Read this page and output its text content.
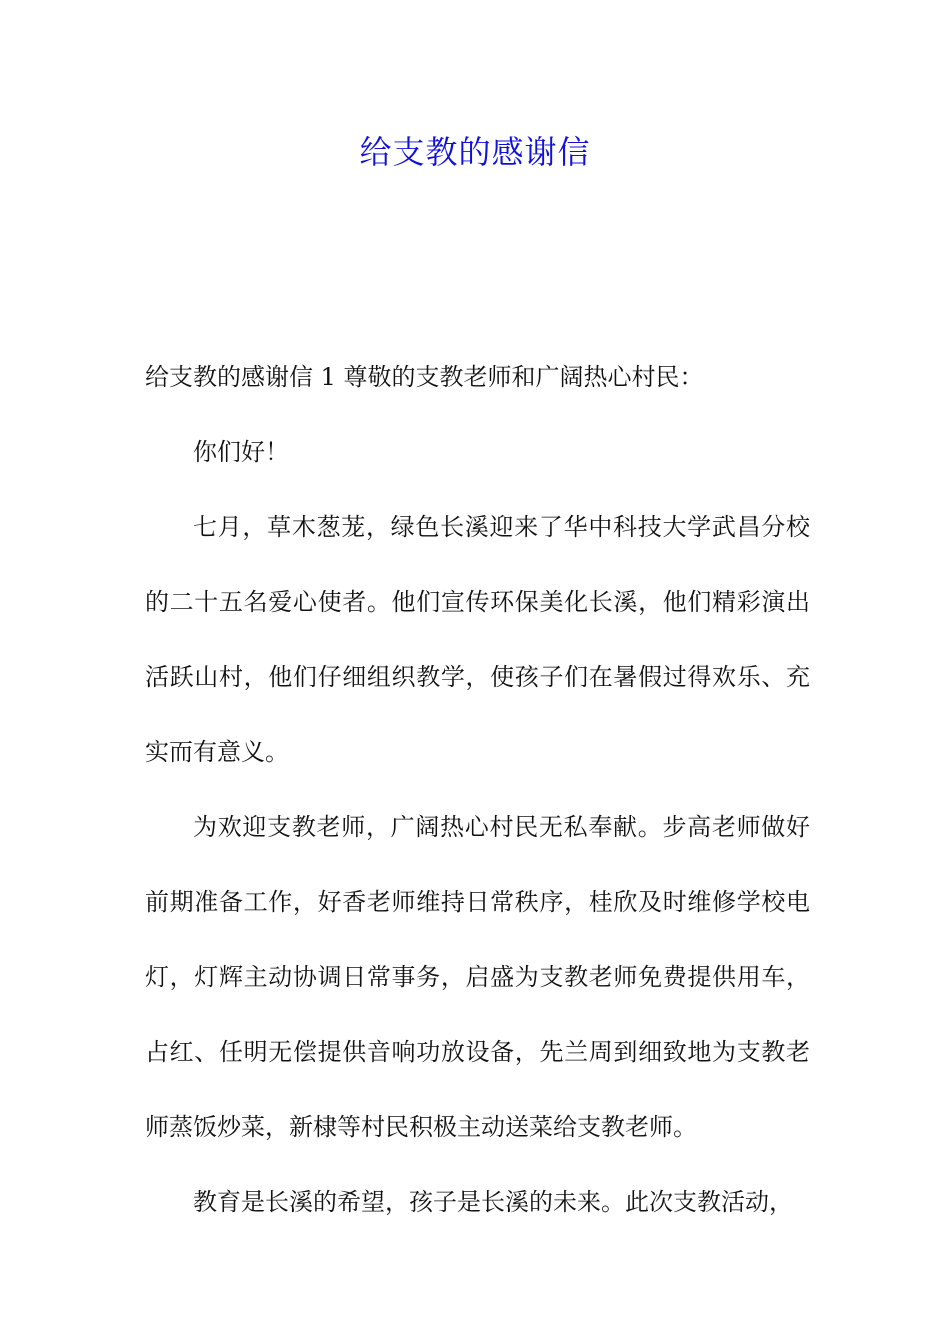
给支教的感谢信

给支教的感谢信 1 尊敬的支教老师和广阔热心村民：

你们好！

七月，草木葱茏，绿色长溪迎来了华中科技大学武昌分校的二十五名爱心使者。他们宣传环保美化长溪，他们精彩演出活跃山村，他们仔细组织教学，使孩子们在暑假过得欢乐、充实而有意义。

为欢迎支教老师，广阔热心村民无私奉献。步高老师做好前期准备工作，好香老师维持日常秩序，桂欣及时维修学校电灯，灯辉主动协调日常事务，启盛为支教老师免费提供用车，占红、任明无偿提供音响功放设备，先兰周到细致地为支教老师蒸饭炒菜，新棣等村民积极主动送菜给支教老师。

教育是长溪的希望，孩子是长溪的未来。此次支教活动，
